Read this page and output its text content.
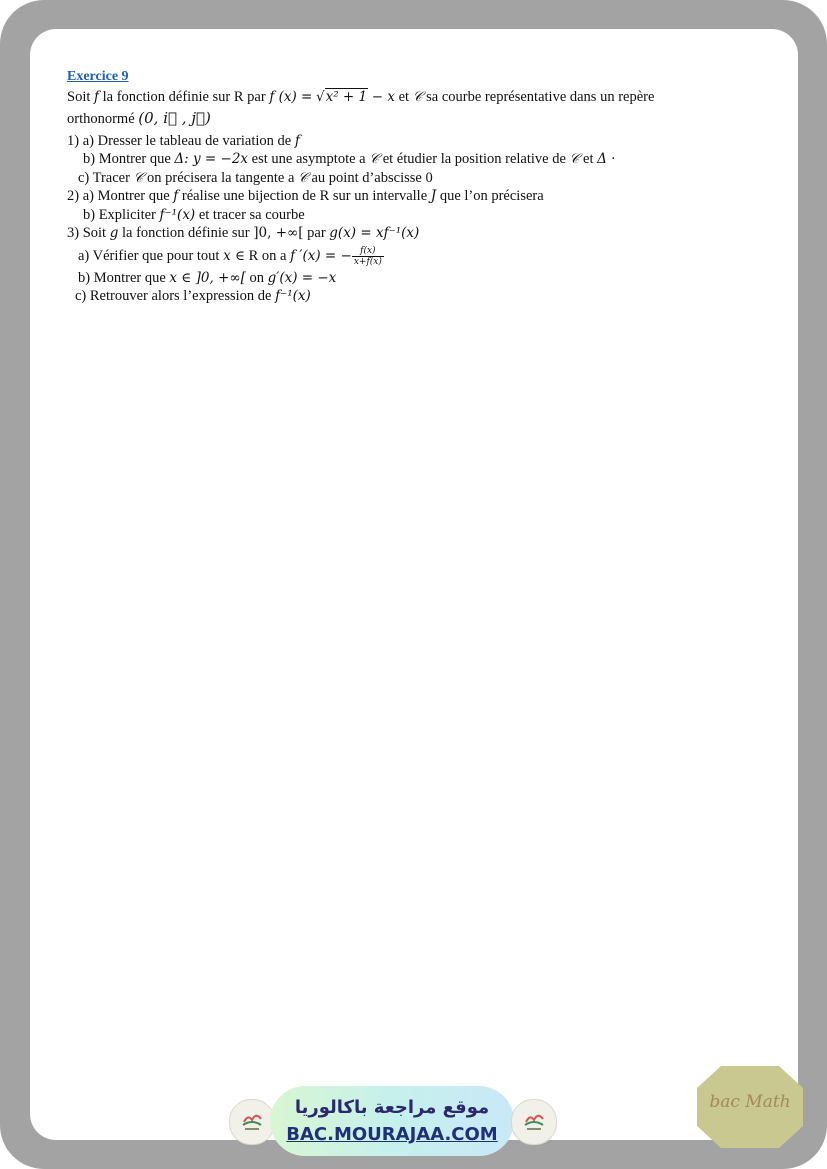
Exercice 9
Soit f la fonction définie sur R par f (x) = √x² + 1 − x et 𝒞 sa courbe représentative dans un repère
orthonormé (0, i⃗ , j⃗)
1) a) Dresser le tableau de variation de f
b) Montrer que Δ: y = −2x est une asymptote a 𝒞 et étudier la position relative de 𝒞 et Δ ·
c) Tracer 𝒞 on précisera la tangente a 𝒞 au point d’abscisse 0
2) a) Montrer que f réalise une bijection de R sur un intervalle J que l’on précisera
b) Expliciter f⁻¹(x) et tracer sa courbe
3) Soit g la fonction définie sur ]0, +∞[ par g(x) = xf⁻¹(x)
a) Vérifier que pour tout x ∈ R on a f ′(x) = − $\frac{f(x)}{x+f(x)}$
b) Montrer que x ∈ ]0, +∞[ on g′(x) = −x
c) Retrouver alors l’expression de f⁻¹(x)
موقع مراجعة باكالوريا
BAC.MOURAJAA.COM
bac Math
